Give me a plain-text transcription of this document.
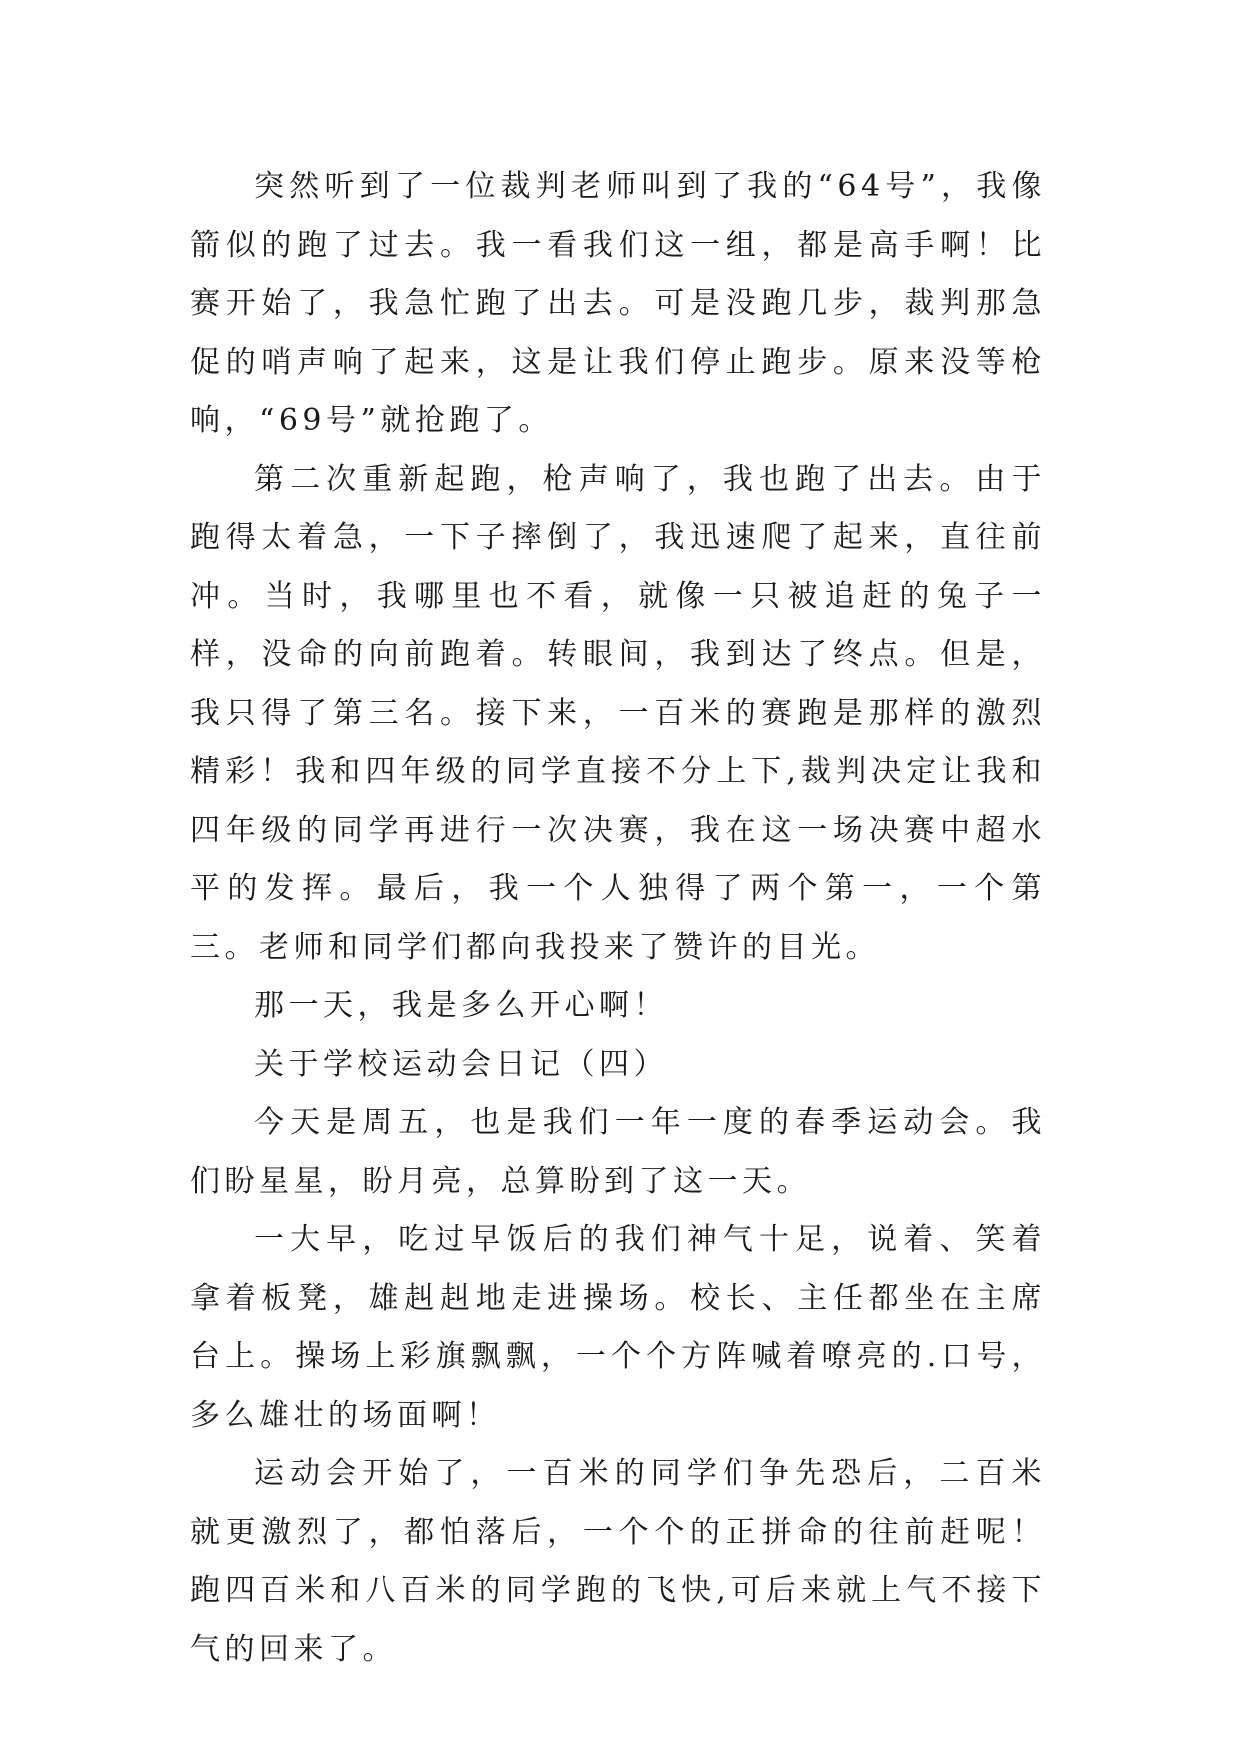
突然听到了一位裁判老师叫到了我的“64号”，我像箭似的跑了过去。我一看我们这一组，都是高手啊！比赛开始了，我急忙跑了出去。可是没跑几步，裁判那急促的哨声响了起来，这是让我们停止跑步。原来没等枪响，“69号”就抢跑了。

第二次重新起跑，枪声响了，我也跑了出去。由于跑得太着急，一下子摔倒了，我迅速爬了起来，直往前冲。当时，我哪里也不看，就像一只被追赶的兔子一样，没命的向前跑着。转眼间，我到达了终点。但是，我只得了第三名。接下来，一百米的赛跑是那样的激烈精彩！我和四年级的同学直接不分上下,裁判决定让我和四年级的同学再进行一次决赛，我在这一场决赛中超水平的发挥。最后，我一个人独得了两个第一，一个第三。老师和同学们都向我投来了赞许的目光。

那一天，我是多么开心啊！

关于学校运动会日记（四）

今天是周五，也是我们一年一度的春季运动会。我们盼星星，盼月亮，总算盼到了这一天。

一大早，吃过早饭后的我们神气十足，说着、笑着拿着板凳，雄赳赳地走进操场。校长、主任都坐在主席台上。操场上彩旗飘飘，一个个方阵喊着嘹亮的.口号，多么雄壮的场面啊！

运动会开始了，一百米的同学们争先恐后，二百米就更激烈了，都怕落后，一个个的正拼命的往前赶呢！跑四百米和八百米的同学跑的飞快,可后来就上气不接下气的回来了。
